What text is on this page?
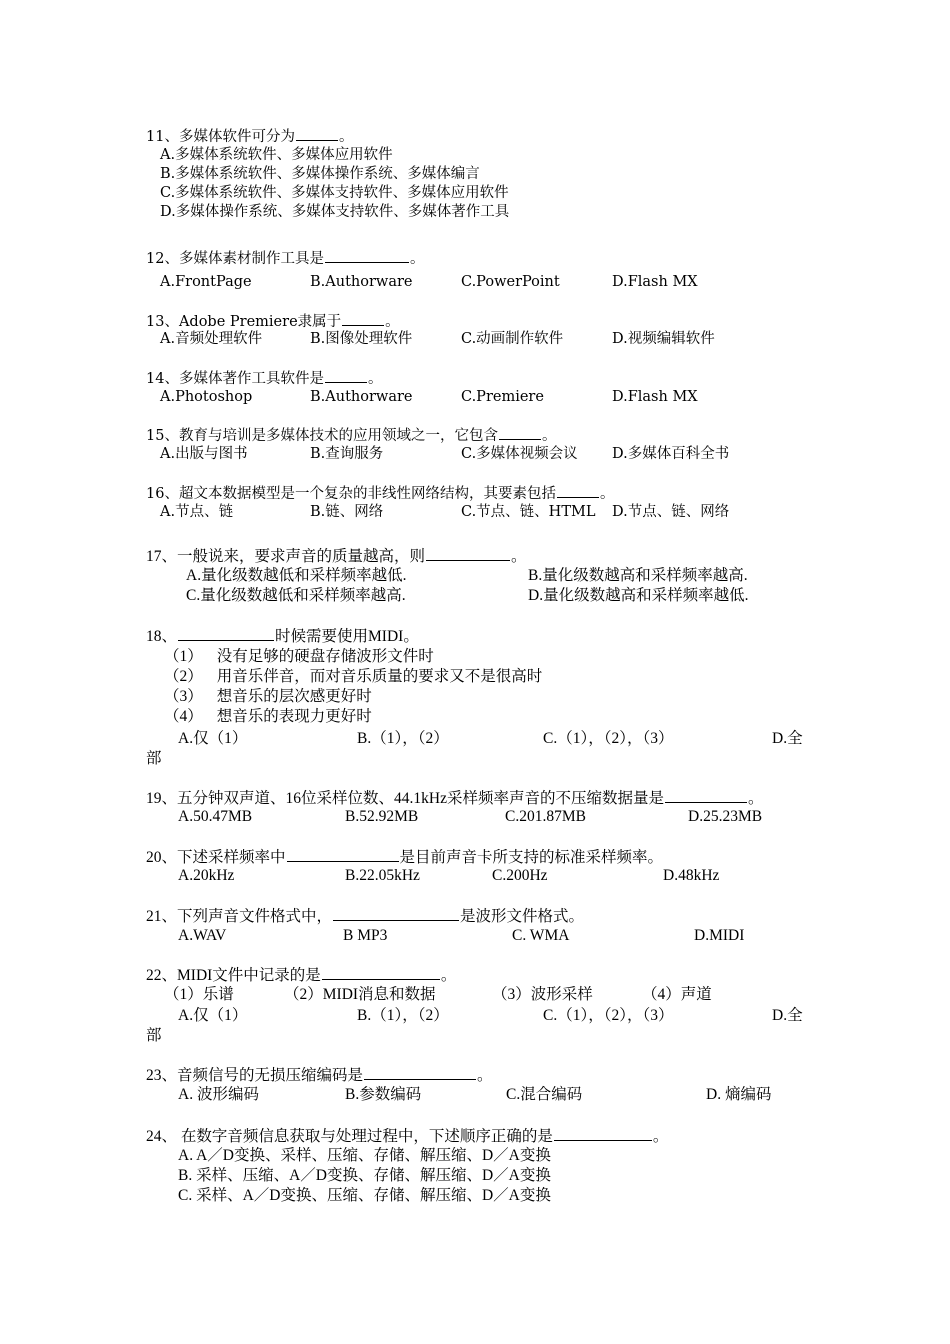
11、多媒体软件可分为	。
A.多媒体系统软件、多媒体应用软件
B.多媒体系统软件、多媒体操作系统、多媒体编言
C.多媒体系统软件、多媒体支持软件、多媒体应用软件
D.多媒体操作系统、多媒体支持软件、多媒体著作工具
12、多媒体素材制作工具是	。
A.FrontPage	B.Authorware	C.PowerPoint	D.Flash MX
13、Adobe Premiere隶属于	。
A.音频处理软件	B.图像处理软件	C.动画制作软件	D.视频编辑软件
14、多媒体著作工具软件是	。
A.Photoshop	B.Authorware	C.Premiere	D.Flash MX
15、教育与培训是多媒体技术的应用领域之一，它包含	。
A.出版与图书	B.查询服务	C.多媒体视频会议 D.多媒体百科全书
16、超文本数据模型是一个复杂的非线性网络结构，其要素包括	。
A.节点、链	B.链、网络	C.节点、链、HTML D.节点、链、网络
17、一般说来，要求声音的质量越高，则	。
A.量化级数越低和采样频率越低.	B.量化级数越高和采样频率越高.
C.量化级数越低和采样频率越高.	D.量化级数越高和采样频率越低.
18、	时候需要使用MIDI。
（1） 没有足够的硬盘存储波形文件时
（2） 用音乐伴音，而对音乐质量的要求又不是很高时
（3） 想音乐的层次感更好时
（4） 想音乐的表现力更好时
A.仅（1）	B.（1），（2）	C.（1），（2），（3）	D.全
部
19、五分钟双声道、16位采样位数、44.1kHz采样频率声音的不压缩数据量是	。
A.50.47MB	B.52.92MB	C.201.87MB	D.25.23MB
20、下述采样频率中	是目前声音卡所支持的标准采样频率。
A.20kHz	B.22.05kHz	C.200Hz	D.48kHz
21、下列声音文件格式中，	是波形文件格式。
A.WAV	B MP3	C. WMA	D.MIDI
22、MIDI文件中记录的是	。
（1）乐谱	（2）MIDI消息和数据	（3）波形采样	（4）声道
A.仅（1）	B.（1），（2）	C.（1），（2），（3）	D.全
部
23、音频信号的无损压缩编码是	。
A. 波形编码	B.参数编码	C.混合编码	D. 熵编码
24、 在数字音频信息获取与处理过程中，下述顺序正确的是	。
A. A／D变换、采样、压缩、存储、解压缩、D／A变换
B. 采样、压缩、A／D变换、存储、解压缩、D／A变换
C. 采样、A／D变换、压缩、存储、解压缩、D／A变换
